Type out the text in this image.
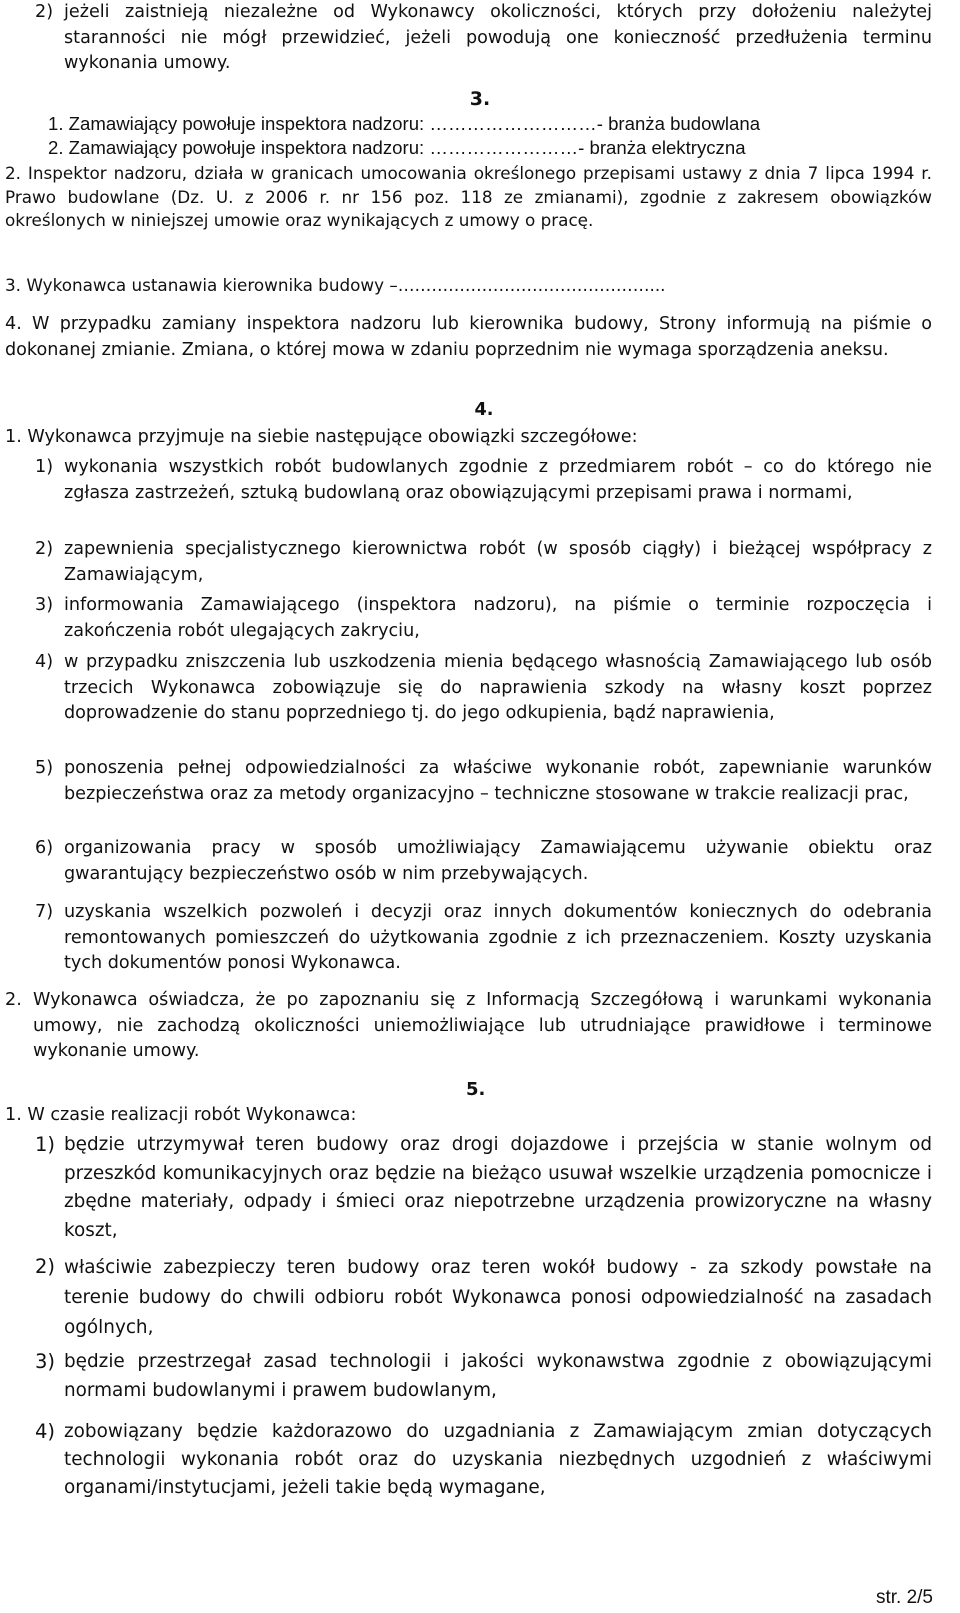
2) jeżeli zaistnieją niezależne od Wykonawcy okoliczności, których przy dołożeniu należytej staranności nie mógł przewidzieć, jeżeli powodują one konieczność przedłużenia terminu wykonania umowy.
3.
1. Zamawiający powołuje inspektora nadzoru: ………………………- branża budowlana
2. Zamawiający powołuje inspektora nadzoru: ……………………- branża elektryczna
2. Inspektor nadzoru, działa w granicach umocowania określonego przepisami ustawy z dnia 7 lipca 1994 r. Prawo budowlane (Dz. U. z 2006 r. nr 156 poz. 118 ze zmianami), zgodnie z zakresem obowiązków określonych w niniejszej umowie oraz wynikających z umowy o pracę.
3. Wykonawca ustanawia kierownika budowy –………………………………………...
4. W przypadku zamiany inspektora nadzoru lub kierownika budowy, Strony informują na piśmie o dokonanej zmianie. Zmiana, o której mowa w zdaniu poprzednim nie wymaga sporządzenia aneksu.
4.
1. Wykonawca przyjmuje na siebie następujące obowiązki szczegółowe:
1) wykonania wszystkich robót budowlanych zgodnie z przedmiarem robót – co do którego nie zgłasza zastrzeżeń, sztuką budowlaną oraz obowiązującymi przepisami prawa i normami,
2) zapewnienia specjalistycznego kierownictwa robót (w sposób ciągły) i bieżącej współpracy z Zamawiającym,
3) informowania Zamawiającego (inspektora nadzoru), na piśmie o terminie rozpoczęcia i zakończenia robót ulegających zakryciu,
4) w przypadku zniszczenia lub uszkodzenia mienia będącego własnością Zamawiającego lub osób trzecich Wykonawca zobowiązuje się do naprawienia szkody na własny koszt poprzez doprowadzenie do stanu poprzedniego tj. do jego odkupienia, bądź naprawienia,
5) ponoszenia pełnej odpowiedzialności za właściwe wykonanie robót, zapewnianie warunków bezpieczeństwa oraz za metody organizacyjno – techniczne stosowane w trakcie realizacji prac,
6) organizowania pracy w sposób umożliwiający Zamawiającemu używanie obiektu oraz gwarantujący bezpieczeństwo osób w nim przebywających.
7) uzyskania wszelkich pozwoleń i decyzji oraz innych dokumentów koniecznych do odebrania remontowanych pomieszczeń do użytkowania zgodnie z ich przeznaczeniem. Koszty uzyskania tych dokumentów ponosi Wykonawca.
2. Wykonawca oświadcza, że po zapoznaniu się z Informacją Szczegółową i warunkami wykonania umowy, nie zachodzą okoliczności uniemożliwiające lub utrudniające prawidłowe i terminowe wykonanie umowy.
5.
1. W czasie realizacji robót Wykonawca:
1) będzie utrzymywał teren budowy oraz drogi dojazdowe i przejścia w stanie wolnym od przeszkód komunikacyjnych oraz będzie na bieżąco usuwał wszelkie urządzenia pomocnicze i zbędne materiały, odpady i śmieci oraz niepotrzebne urządzenia prowizoryczne na własny koszt,
2) właściwie zabezpieczy teren budowy oraz teren wokół budowy - za szkody powstałe na terenie budowy do chwili odbioru robót Wykonawca ponosi odpowiedzialność na zasadach ogólnych,
3) będzie przestrzegał zasad technologii i jakości wykonawstwa zgodnie z obowiązującymi normami budowlanymi i prawem budowlanym,
4) zobowiązany będzie każdorazowo do uzgadniania z Zamawiającym zmian dotyczących technologii wykonania robót oraz do uzyskania niezbędnych uzgodnień z właściwymi organami/instytucjami, jeżeli takie będą wymagane,
str. 2/5
